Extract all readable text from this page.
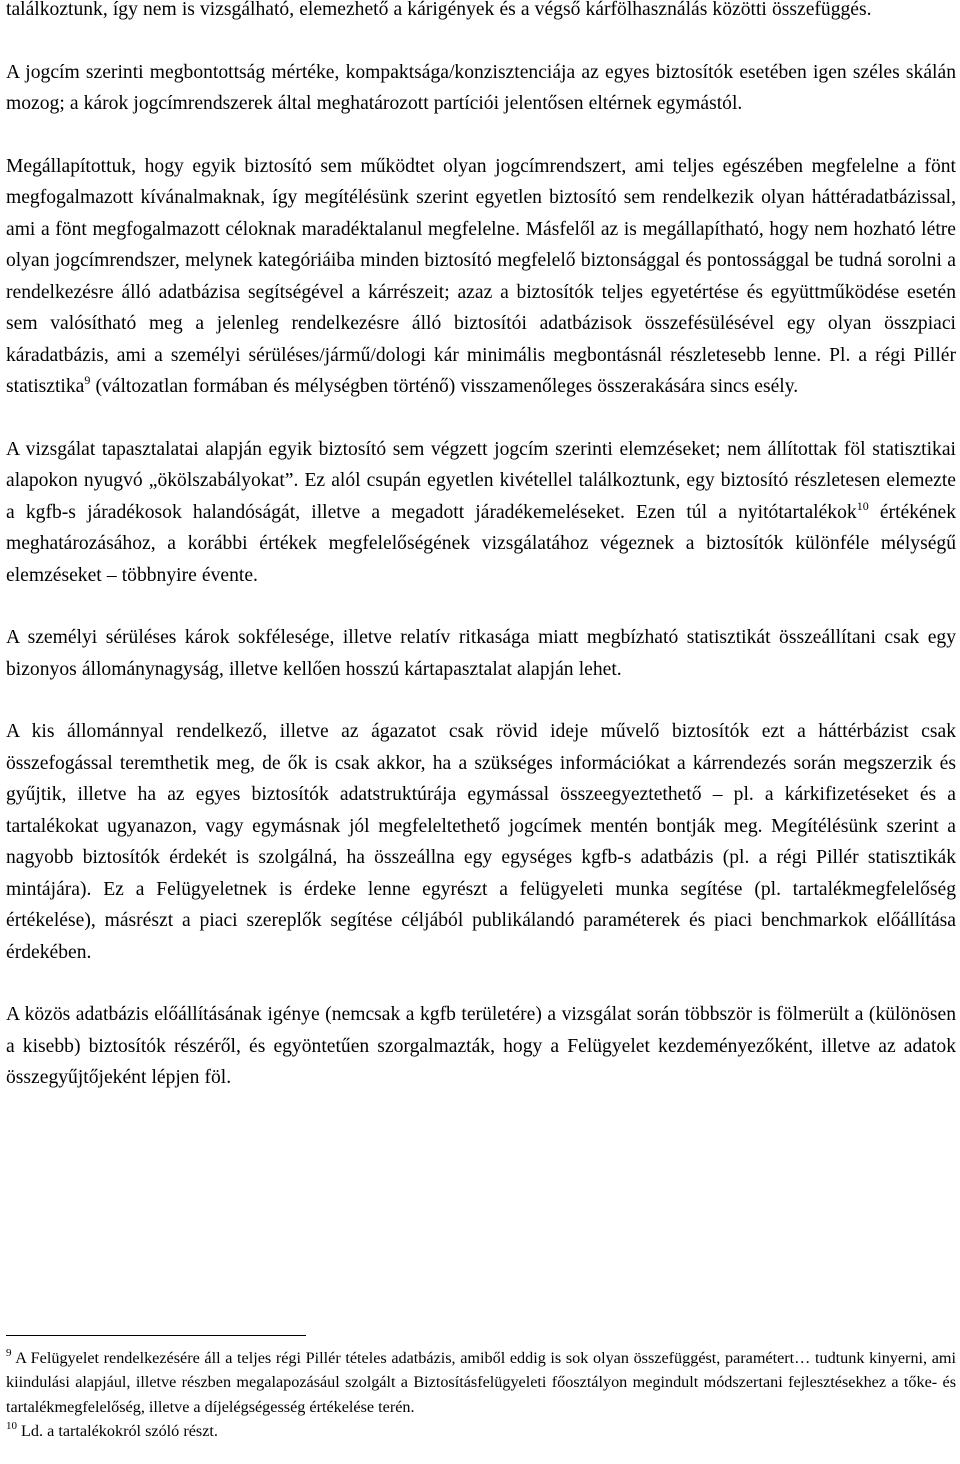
találkoztunk, így nem is vizsgálható, elemezhető a kárigények és a végső kárfölhasználás közötti összefüggés.

A jogcím szerinti megbontottság mértéke, kompaktsága/konzisztenciája az egyes biztosítók esetében igen széles skálán mozog; a károk jogcímrendszerek által meghatározott partíciói jelentősen eltérnek egymástól.

Megállapítottuk, hogy egyik biztosító sem működtet olyan jogcímrendszert, ami teljes egészében megfelelne a fönt megfogalmazott kívánalmaknak, így megítélésünk szerint egyetlen biztosító sem rendelkezik olyan háttéradatbázissal, ami a fönt megfogalmazott céloknak maradéktalanul megfelelne. Másfelől az is megállapítható, hogy nem hozható létre olyan jogcímrendszer, melynek kategóriáiba minden biztosító megfelelő biztonsággal és pontossággal be tudná sorolni a rendelkezésre álló adatbázisa segítségével a kárrészeit; azaz a biztosítók teljes egyetértése és együttműködése esetén sem valósítható meg a jelenleg rendelkezésre álló biztosítói adatbázisok összefésülésével egy olyan összpiaci káradatbázis, ami a személyi sérüléses/jármű/dologi kár minimális megbontásnál részletesebb lenne. Pl. a régi Pillér statisztika$^9$ (változatlan formában és mélységben történő) visszamenőleges összerakására sincs esély.

A vizsgálat tapasztalatai alapján egyik biztosító sem végzett jogcím szerinti elemzéseket; nem állítottak föl statisztikai alapokon nyugvó „ökölszabályokat”. Ez alól csupán egyetlen kivétellel találkoztunk, egy biztosító részletesen elemezte a kgfb-s járadékosok halandóságát, illetve a megadott járadékemeléseket. Ezen túl a nyitótartalékok$^{10}$ értékének meghatározásához, a korábbi értékek megfelelőségének vizsgálatához végeznek a biztosítók különféle mélységű elemzéseket – többnyire évente.

A személyi sérüléses károk sokfélesége, illetve relatív ritkasága miatt megbízható statisztikát összeállítani csak egy bizonyos állománynagyság, illetve kellően hosszú kártapasztalat alapján lehet.

A kis állománnyal rendelkező, illetve az ágazatot csak rövid ideje művelő biztosítók ezt a háttérbázist csak összefogással teremthetik meg, de ők is csak akkor, ha a szükséges információkat a kárrendezés során megszerzik és gyűjtik, illetve ha az egyes biztosítók adatstruktúrája egymással összeegyeztethető – pl. a kárkifizetéseket és a tartalékokat ugyanazon, vagy egymásnak jól megfeleltethető jogcímek mentén bontják meg. Megítélésünk szerint a nagyobb biztosítók érdekét is szolgálná, ha összeállna egy egységes kgfb-s adatbázis (pl. a régi Pillér statisztikák mintájára). Ez a Felügyeletnek is érdeke lenne egyrészt a felügyeleti munka segítése (pl. tartalékmegfelelőség értékelése), másrészt a piaci szereplők segítése céljából publikálandó paraméterek és piaci benchmarkok előállítása érdekében.

A közös adatbázis előállításának igénye (nemcsak a kgfb területére) a vizsgálat során többször is fölmerült a (különösen a kisebb) biztosítók részéről, és egyöntetűen szorgalmazták, hogy a Felügyelet kezdeményezőként, illetve az adatok összegyűjtőjeként lépjen föl.

$^9$ A Felügyelet rendelkezésére áll a teljes régi Pillér tételes adatbázis, amiből eddig is sok olyan összefüggést, paramétert… tudtunk kinyerni, ami kiindulási alapjául, illetve részben megalapozásául szolgált a Biztosításfelügyeleti főosztályon megindult módszertani fejlesztésekhez a tőke- és tartalékmegfelelőség, illetve a díjelégségesség értékelése terén.

$^{10}$ Ld. a tartalékokról szóló részt.
